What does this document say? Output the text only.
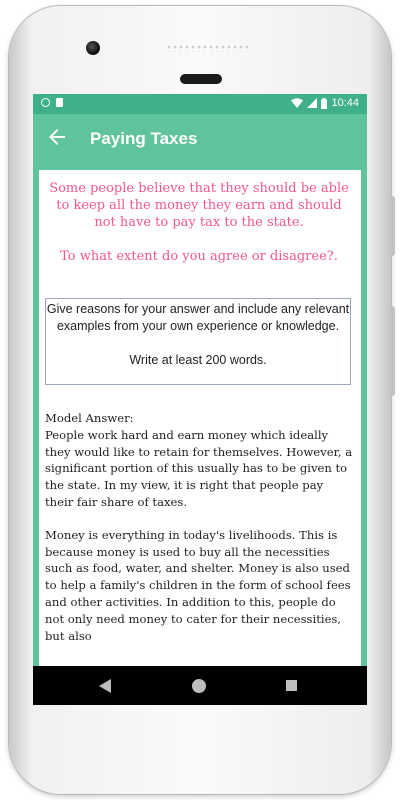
10:44
Paying Taxes

Some people believe that they should be able to keep all the money they earn and should not have to pay tax to the state.

To what extent do you agree or disagree?.

Give reasons for your answer and include any relevant examples from your own experience or knowledge.

Write at least 200 words.

Model Answer:

People work hard and earn money which ideally they would like to retain for themselves. However, a significant portion of this usually has to be given to the state. In my view, it is right that people pay their fair share of taxes.

Money is everything in today's livelihoods. This is because money is used to buy all the necessities such as food, water, and shelter. Money is also used to help a family's children in the form of school fees and other activities. In addition to this, people do not only need money to cater for their necessities, but also
